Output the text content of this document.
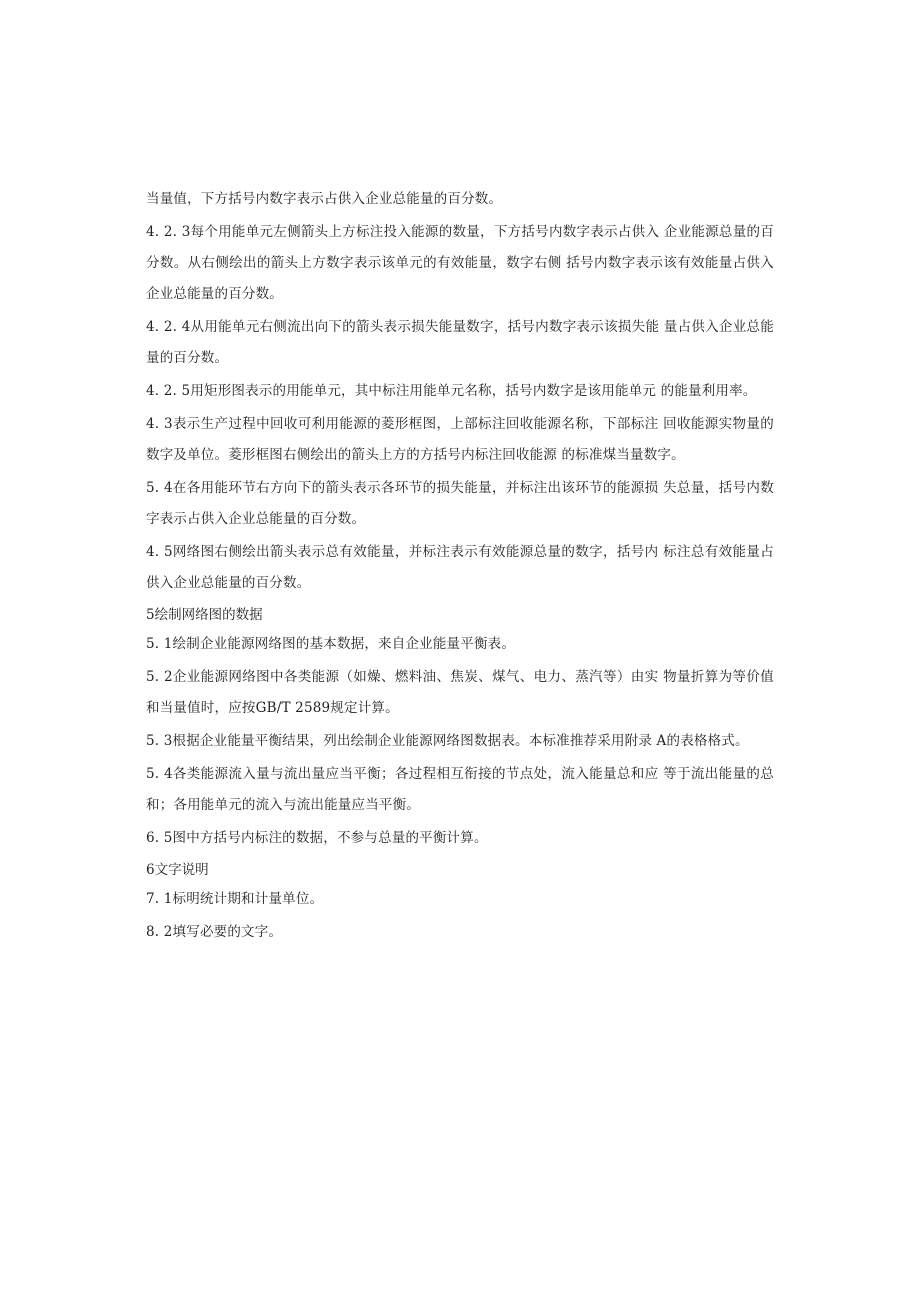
当量值，下方括号内数字表示占供入企业总能量的百分数。

4. 2. 3每个用能单元左侧箭头上方标注投入能源的数量，下方括号内数字表示占供入 企业能源总量的百分数。从右侧绘出的箭头上方数字表示该单元的有效能量，数字右侧 括号内数字表示该有效能量占供入企业总能量的百分数。

4. 2. 4从用能单元右侧流出向下的箭头表示损失能量数字，括号内数字表示该损失能 量占供入企业总能量的百分数。

4. 2. 5用矩形图表示的用能单元，其中标注用能单元名称，括号内数字是该用能单元 的能量利用率。

4. 3表示生产过程中回收可利用能源的菱形框图，上部标注回收能源名称，下部标注 回收能源实物量的数字及单位。菱形框图右侧绘出的箭头上方的方括号内标注回收能源 的标准煤当量数字。

5. 4在各用能环节右方向下的箭头表示各环节的损失能量，并标注出该环节的能源损 失总量，括号内数字表示占供入企业总能量的百分数。

4. 5网络图右侧绘出箭头表示总有效能量，并标注表示有效能源总量的数字，括号内 标注总有效能量占供入企业总能量的百分数。

5绘制网络图的数据

5. 1绘制企业能源网络图的基本数据，来自企业能量平衡表。

5. 2企业能源网络图中各类能源（如燥、燃料油、焦炭、煤气、电力、蒸汽等）由实 物量折算为等价值和当量值时，应按GB/T 2589规定计算。

5. 3根据企业能量平衡结果，列出绘制企业能源网络图数据表。本标准推荐采用附录 A的表格格式。

5. 4各类能源流入量与流出量应当平衡；各过程相互衔接的节点处，流入能量总和应 等于流出能量的总和；各用能单元的流入与流出能量应当平衡。

6. 5图中方括号内标注的数据，不参与总量的平衡计算。

6文字说明

7. 1标明统计期和计量单位。

8. 2填写必要的文字。
